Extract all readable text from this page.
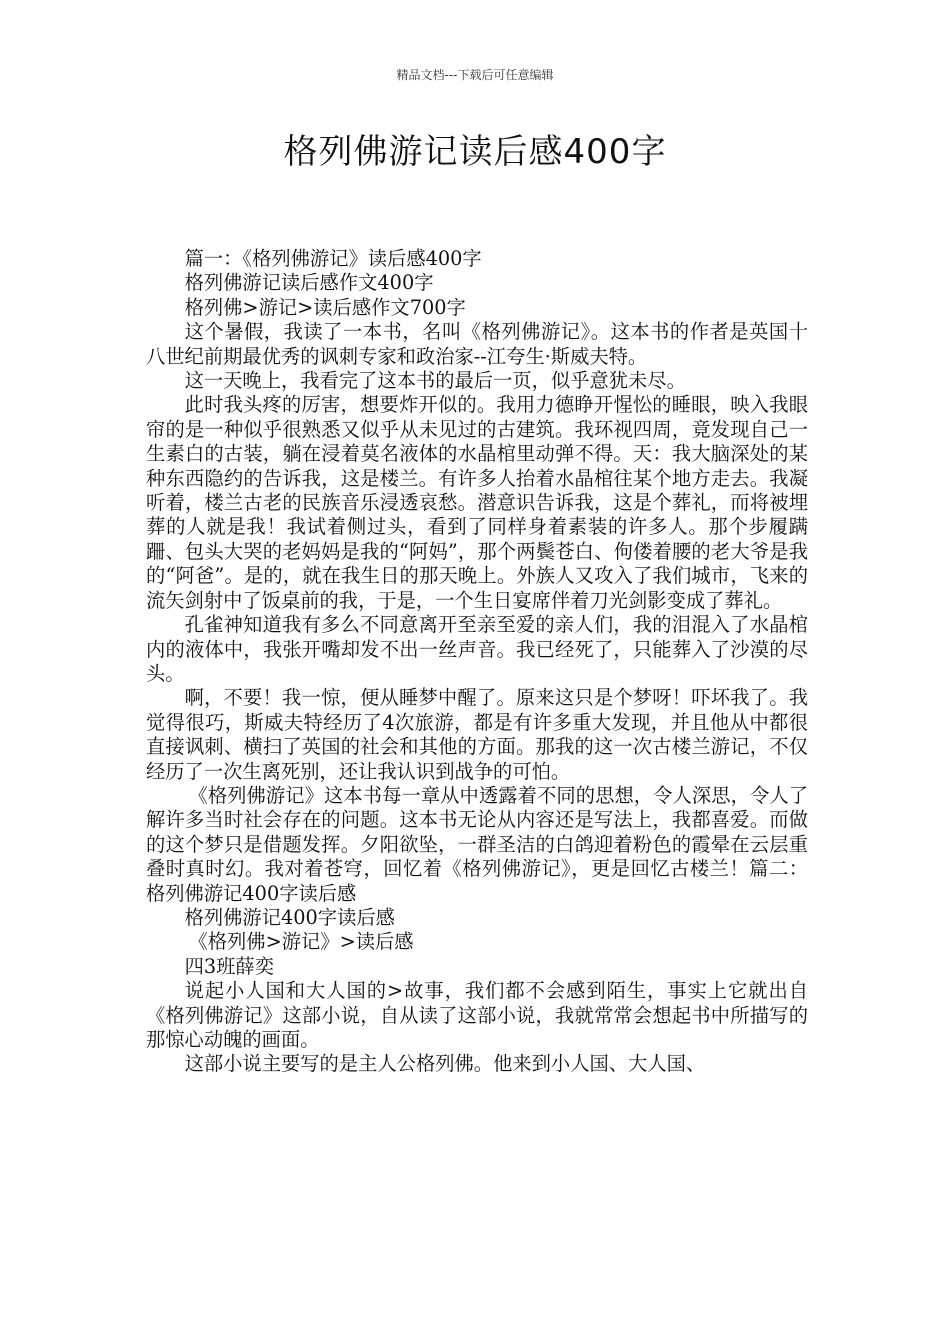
精品文档---下载后可任意编辑
格列佛游记读后感400字

篇一：《格列佛游记》读后感400字

格列佛游记读后感作文400字

格列佛>游记>读后感作文700字

这个暑假，我读了一本书，名叫《格列佛游记》。这本书的作者是英国十八世纪前期最优秀的讽刺专家和政治家--江夸生·斯威夫特。

这一天晚上，我看完了这本书的最后一页，似乎意犹未尽。

此时我头疼的厉害，想要炸开似的。我用力德睁开惺忪的睡眼，映入我眼帘的是一种似乎很熟悉又似乎从未见过的古建筑。我环视四周，竟发现自己一生素白的古装，躺在浸着莫名液体的水晶棺里动弹不得。天：我大脑深处的某种东西隐约的告诉我，这是楼兰。有许多人抬着水晶棺往某个地方走去。我凝听着，楼兰古老的民族音乐浸透哀愁。潜意识告诉我，这是个葬礼，而将被埋葬的人就是我！我试着侧过头，看到了同样身着素装的许多人。那个步履蹒跚、包头大哭的老妈妈是我的“阿妈”，那个两鬓苍白、佝偻着腰的老大爷是我的“阿爸”。是的，就在我生日的那天晚上。外族人又攻入了我们城市，飞来的流矢剑射中了饭桌前的我，于是，一个生日宴席伴着刀光剑影变成了葬礼。

孔雀神知道我有多么不同意离开至亲至爱的亲人们，我的泪混入了水晶棺内的液体中，我张开嘴却发不出一丝声音。我已经死了，只能葬入了沙漠的尽头。

啊，不要！我一惊，便从睡梦中醒了。原来这只是个梦呀！吓坏我了。我觉得很巧，斯威夫特经历了4次旅游，都是有许多重大发现，并且他从中都很直接讽刺、横扫了英国的社会和其他的方面。那我的这一次古楼兰游记，不仅经历了一次生离死别，还让我认识到战争的可怕。

《格列佛游记》这本书每一章从中透露着不同的思想，令人深思，令人了解许多当时社会存在的问题。这本书无论从内容还是写法上，我都喜爱。而做的这个梦只是借题发挥。夕阳欲坠，一群圣洁的白鸽迎着粉色的霞晕在云层重叠时真时幻。我对着苍穹，回忆着《格列佛游记》，更是回忆古楼兰！篇二：格列佛游记400字读后感

格列佛游记400字读后感

《格列佛>游记》>读后感

四3班薛奕

说起小人国和大人国的>故事，我们都不会感到陌生，事实上它就出自《格列佛游记》这部小说，自从读了这部小说，我就常常会想起书中所描写的那惊心动魄的画面。

这部小说主要写的是主人公格列佛。他来到小人国、大人国、
